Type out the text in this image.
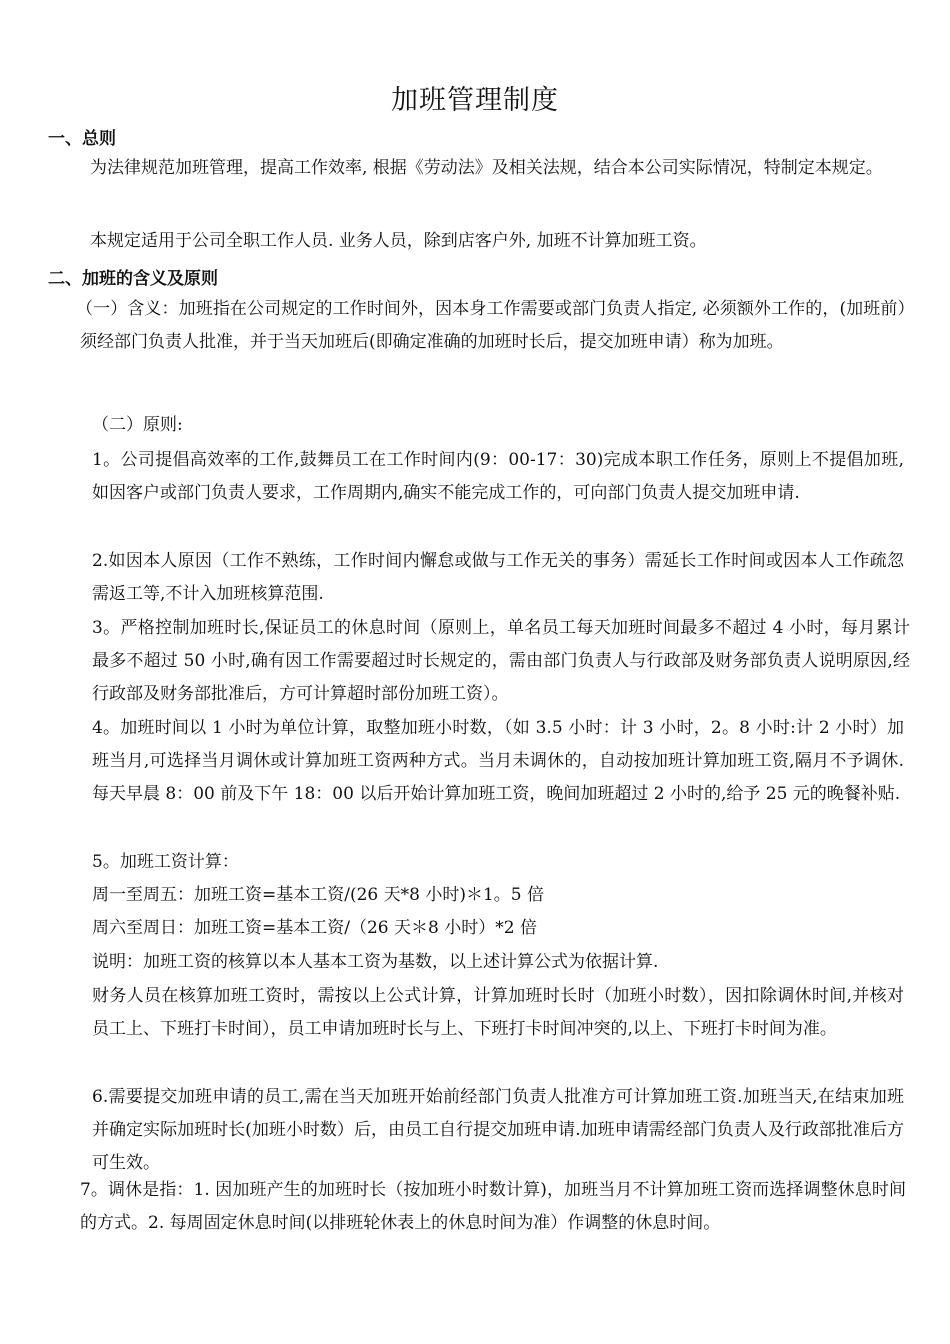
加班管理制度
一、总则
为法律规范加班管理，提高工作效率, 根据《劳动法》及相关法规，结合本公司实际情况，特制定本规定。
本规定适用于公司全职工作人员. 业务人员，除到店客户外, 加班不计算加班工资。
二、加班的含义及原则
（一）含义：加班指在公司规定的工作时间外，因本身工作需要或部门负责人指定, 必须额外工作的，(加班前）须经部门负责人批准，并于当天加班后(即确定准确的加班时长后，提交加班申请）称为加班。
（二）原则:
1。公司提倡高效率的工作,鼓舞员工在工作时间内(9：00-17：30)完成本职工作任务，原则上不提倡加班,如因客户或部门负责人要求，工作周期内,确实不能完成工作的，可向部门负责人提交加班申请.
2.如因本人原因（工作不熟练，工作时间内懈怠或做与工作无关的事务）需延长工作时间或因本人工作疏忽需返工等,不计入加班核算范围.
3。严格控制加班时长,保证员工的休息时间（原则上，单名员工每天加班时间最多不超过 4 小时，每月累计最多不超过 50 小时,确有因工作需要超过时长规定的，需由部门负责人与行政部及财务部负责人说明原因,经行政部及财务部批准后，方可计算超时部份加班工资）。
4。加班时间以 1 小时为单位计算，取整加班小时数，（如 3.5 小时：计 3 小时，2。8 小时:计 2 小时）加班当月,可选择当月调休或计算加班工资两种方式。当月未调休的，自动按加班计算加班工资,隔月不予调休.每天早晨 8：00 前及下午 18：00 以后开始计算加班工资，晚间加班超过 2 小时的,给予 25 元的晚餐补贴.
5。加班工资计算：
周一至周五：加班工资=基本工资/(26 天*8 小时)＊1。5 倍
周六至周日：加班工资=基本工资/（26 天＊8 小时）*2 倍
说明：加班工资的核算以本人基本工资为基数，以上述计算公式为依据计算.
财务人员在核算加班工资时，需按以上公式计算，计算加班时长时（加班小时数），因扣除调休时间,并核对员工上、下班打卡时间），员工申请加班时长与上、下班打卡时间冲突的,以上、下班打卡时间为准。
6.需要提交加班申请的员工,需在当天加班开始前经部门负责人批准方可计算加班工资.加班当天,在结束加班并确定实际加班时长(加班小时数）后，由员工自行提交加班申请.加班申请需经部门负责人及行政部批准后方可生效。
7。调休是指：1. 因加班产生的加班时长（按加班小时数计算)，加班当月不计算加班工资而选择调整休息时间的方式。2. 每周固定休息时间(以排班轮休表上的休息时间为准）作调整的休息时间。
